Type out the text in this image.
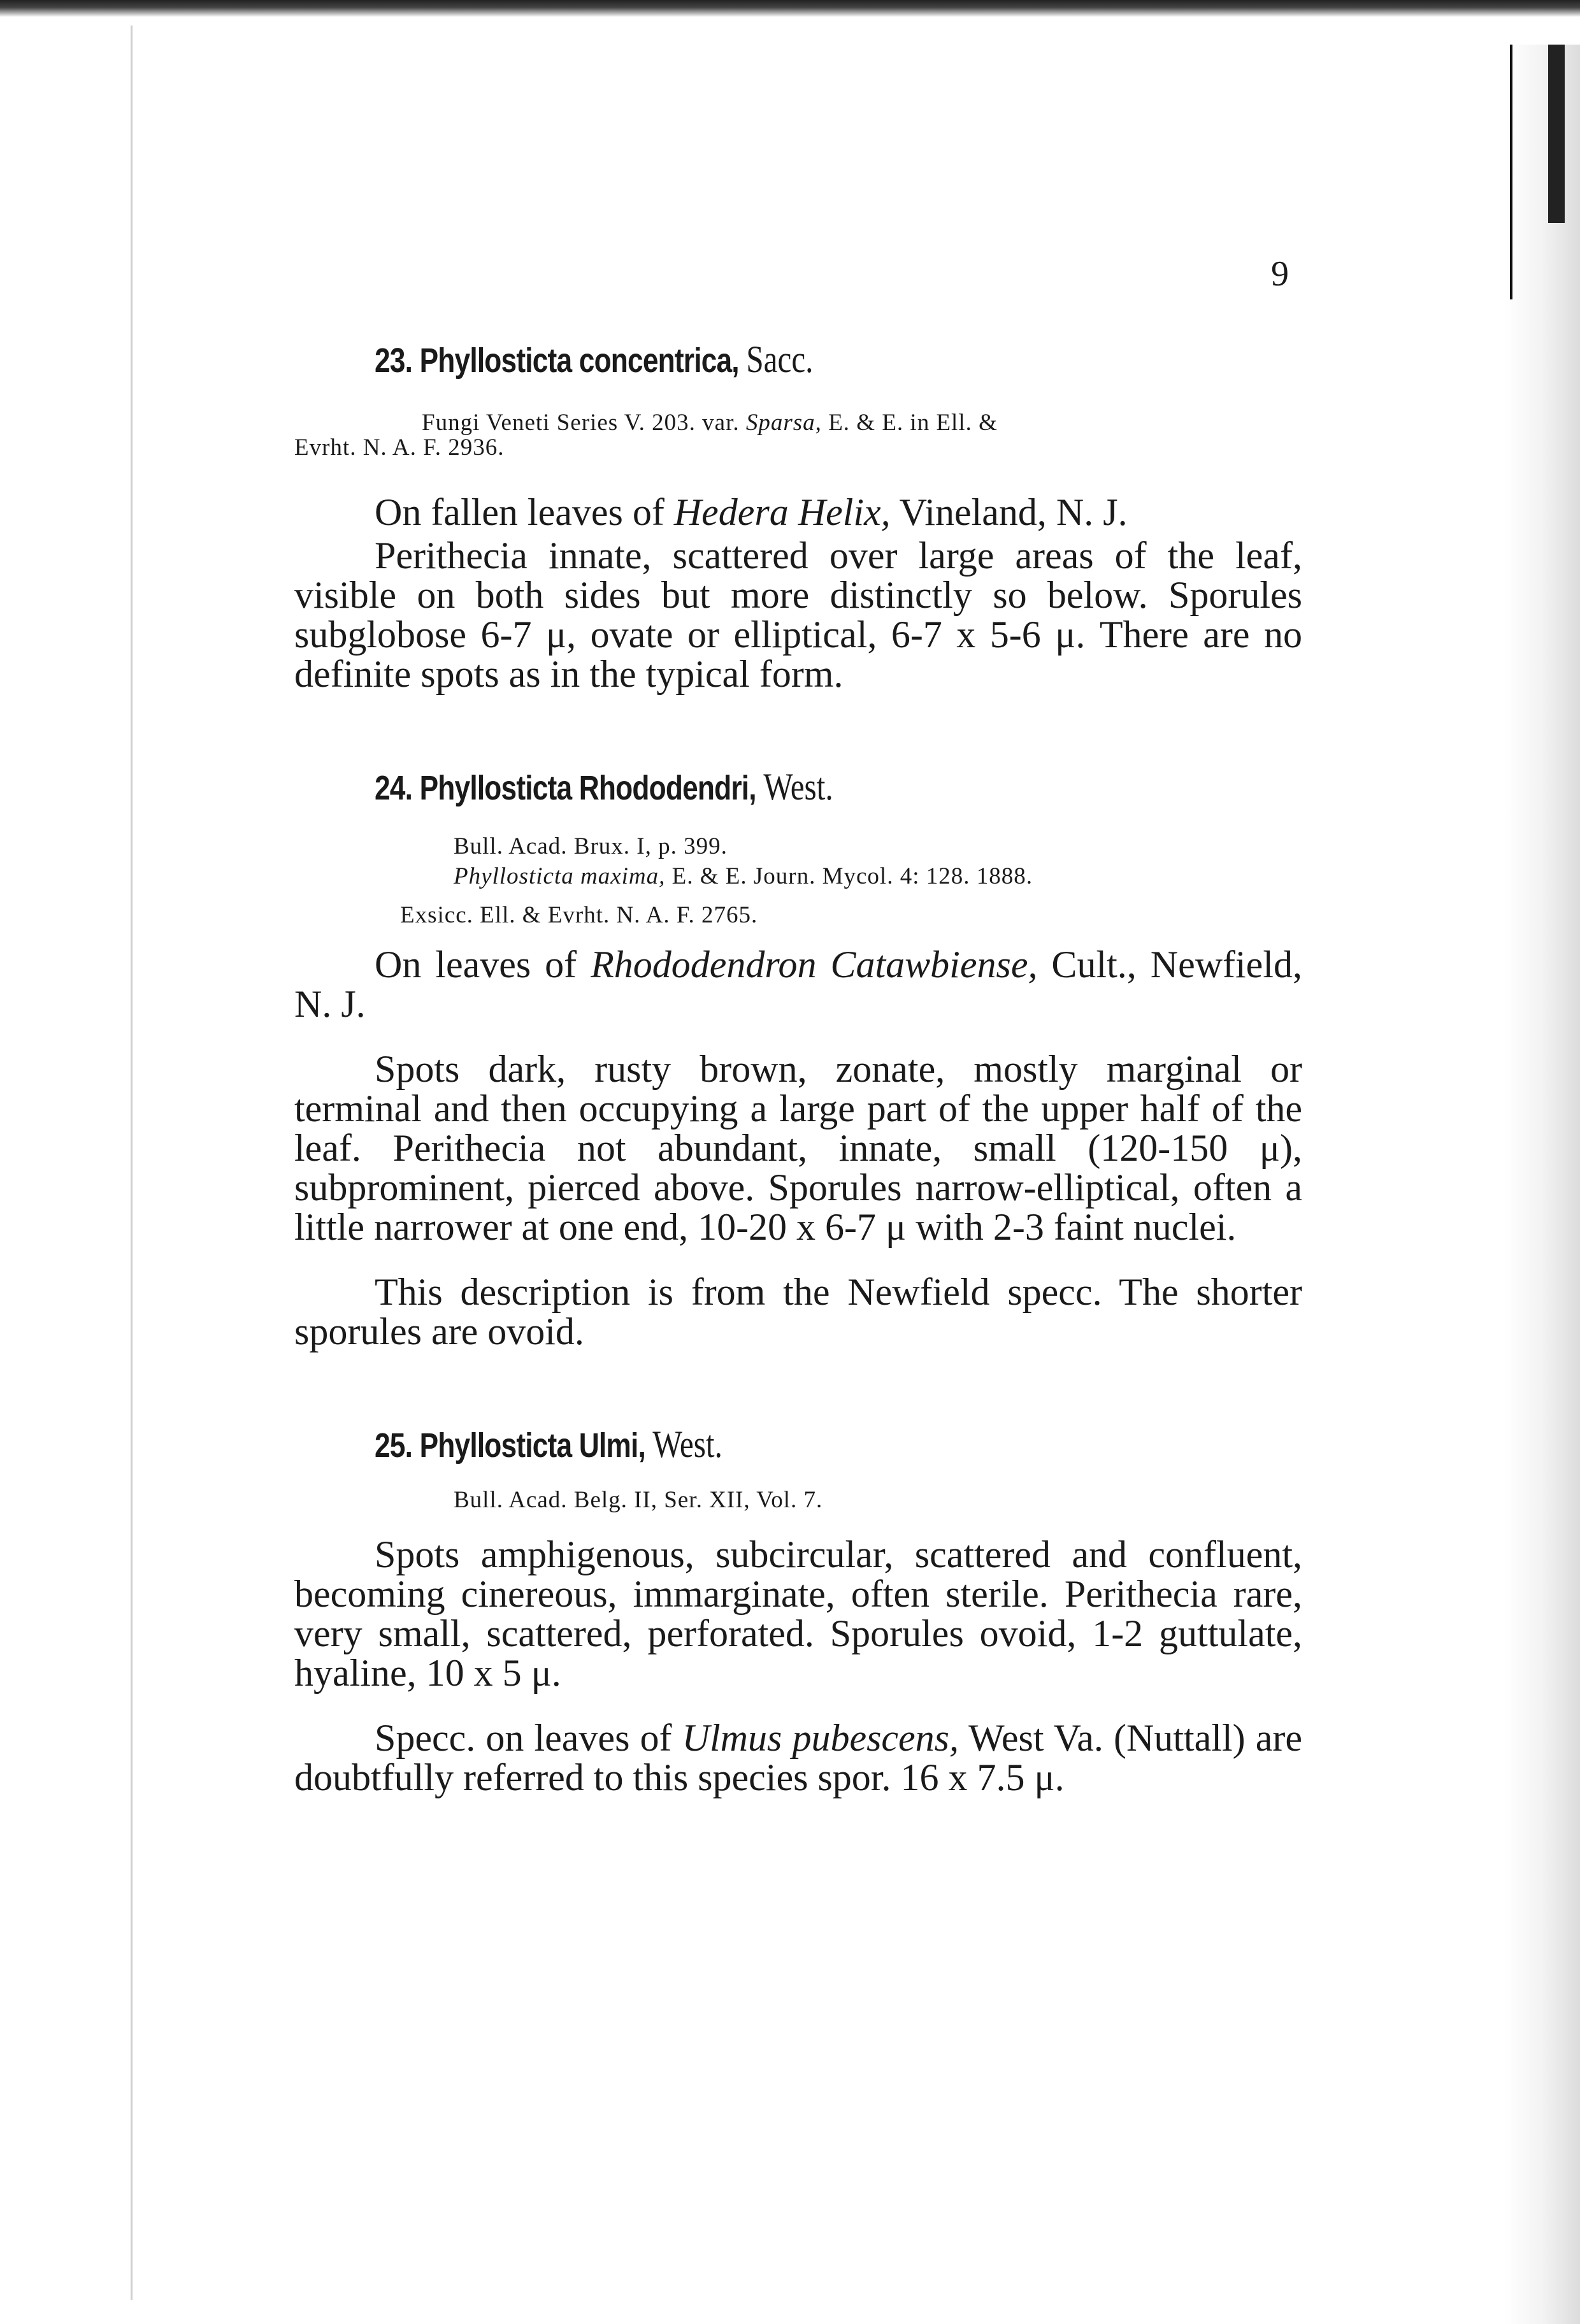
9
23. Phyllosticta concentrica, Sacc.

Fungi Veneti Series V. 203. var. Sparsa, E. & E. in Ell. &

Evrht. N. A. F. 2936.

On fallen leaves of Hedera Helix, Vineland, N. J.

Perithecia innate, scattered over large areas of the leaf, visible on both sides but more distinctly so below. Sporules subglobose 6-7 μ, ovate or elliptical, 6-7 x 5-6 μ. There are no definite spots as in the typical form.

24. Phyllosticta Rhododendri, West.

Bull. Acad. Brux. I, p. 399.

Phyllosticta maxima, E. & E. Journ. Mycol. 4: 128. 1888.

Exsicc. Ell. & Evrht. N. A. F. 2765.

On leaves of Rhododendron Catawbiense, Cult., Newfield, N. J.

Spots dark, rusty brown, zonate, mostly marginal or terminal and then occupying a large part of the upper half of the leaf. Perithecia not abundant, innate, small (120-150 μ), subprominent, pierced above. Sporules narrow-elliptical, often a little narrower at one end, 10-20 x 6-7 μ with 2-3 faint nuclei.

This description is from the Newfield specc. The shorter sporules are ovoid.

25. Phyllosticta Ulmi, West.

Bull. Acad. Belg. II, Ser. XII, Vol. 7.

Spots amphigenous, subcircular, scattered and confluent, becoming cinereous, immarginate, often sterile. Perithecia rare, very small, scattered, perforated. Sporules ovoid, 1-2 guttulate, hyaline, 10 x 5 μ.

Specc. on leaves of Ulmus pubescens, West Va. (Nuttall) are doubtfully referred to this species spor. 16 x 7.5 μ.
